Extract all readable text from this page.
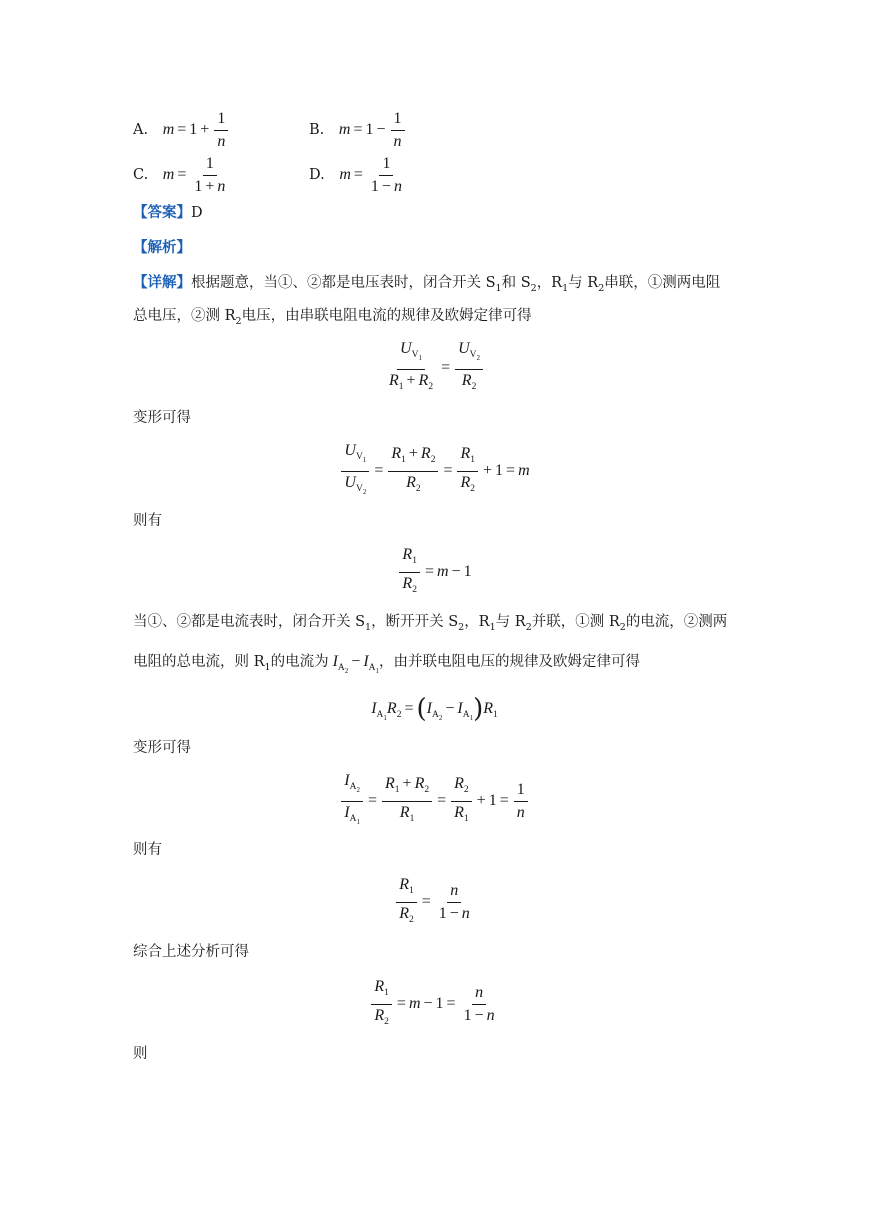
A. $m = 1 + \frac{1}{n}$	B. $m = 1 - \frac{1}{n}$
C. $m = \frac{1}{1 + n}$	D. $m = \frac{1}{1 - n}$
【答案】D
【解析】
【详解】根据题意，当①、②都是电压表时，闭合开关 $S_1$和 $S_2$，$R_1$与 $R_2$串联，①测两电阻
总电压，②测 $R_2$电压，由串联电阻电流的规律及欧姆定律可得
$\frac{U_{V_1}}{R_1 + R_2} = \frac{U_{V_2}}{R_2}$
变形可得
$\frac{U_{V_1}}{U_{V_2}} = \frac{R_1 + R_2}{R_2} = \frac{R_1}{R_2} + 1 = m$
则有
$\frac{R_1}{R_2} = m - 1$
当①、②都是电流表时，闭合开关 $S_1$，断开开关 $S_2$，$R_1$与 $R_2$并联，①测 $R_2$的电流，②测两
电阻的总电流，则 $R_1$的电流为 $I_{A_2}- I_{A_1}$，由并联电阻电压的规律及欧姆定律可得
$I_{A_1}R_2 = (I_{A_2}- I_{A_1})R_1$
变形可得
$\frac{I_{A_2}}{I_{A_1}} = \frac{R_1 + R_2}{R_1} = \frac{R_2}{R_1} + 1 = \frac{1}{n}$
则有
$\frac{R_1}{R_2} = \frac{n}{1 - n}$
综合上述分析可得
$\frac{R_1}{R_2} = m - 1 = \frac{n}{1 - n}$
则
